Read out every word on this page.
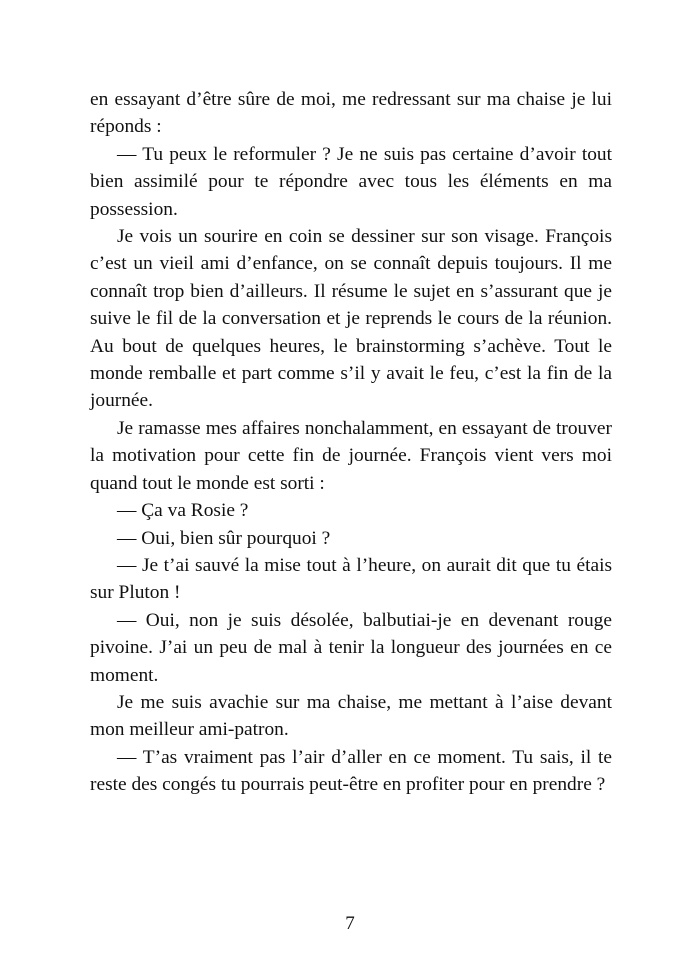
en essayant d’être sûre de moi, me redressant sur ma chaise je lui réponds :

— Tu peux le reformuler ? Je ne suis pas certaine d’avoir tout bien assimilé pour te répondre avec tous les éléments en ma possession.

Je vois un sourire en coin se dessiner sur son visage. François c’est un vieil ami d’enfance, on se connaît depuis toujours. Il me connaît trop bien d’ailleurs. Il résume le sujet en s’assurant que je suive le fil de la conversation et je reprends le cours de la réunion. Au bout de quelques heures, le brainstorming s’achève. Tout le monde remballe et part comme s’il y avait le feu, c’est la fin de la journée.

Je ramasse mes affaires nonchalamment, en essayant de trouver la motivation pour cette fin de journée. François vient vers moi quand tout le monde est sorti :

— Ça va Rosie ?

— Oui, bien sûr pourquoi ?

— Je t’ai sauvé la mise tout à l’heure, on aurait dit que tu étais sur Pluton !

— Oui, non je suis désolée, balbutiai-je en devenant rouge pivoine. J’ai un peu de mal à tenir la longueur des journées en ce moment.

Je me suis avachie sur ma chaise, me mettant à l’aise devant mon meilleur ami-patron.

— T’as vraiment pas l’air d’aller en ce moment. Tu sais, il te reste des congés tu pourrais peut-être en profiter pour en prendre ?

7
